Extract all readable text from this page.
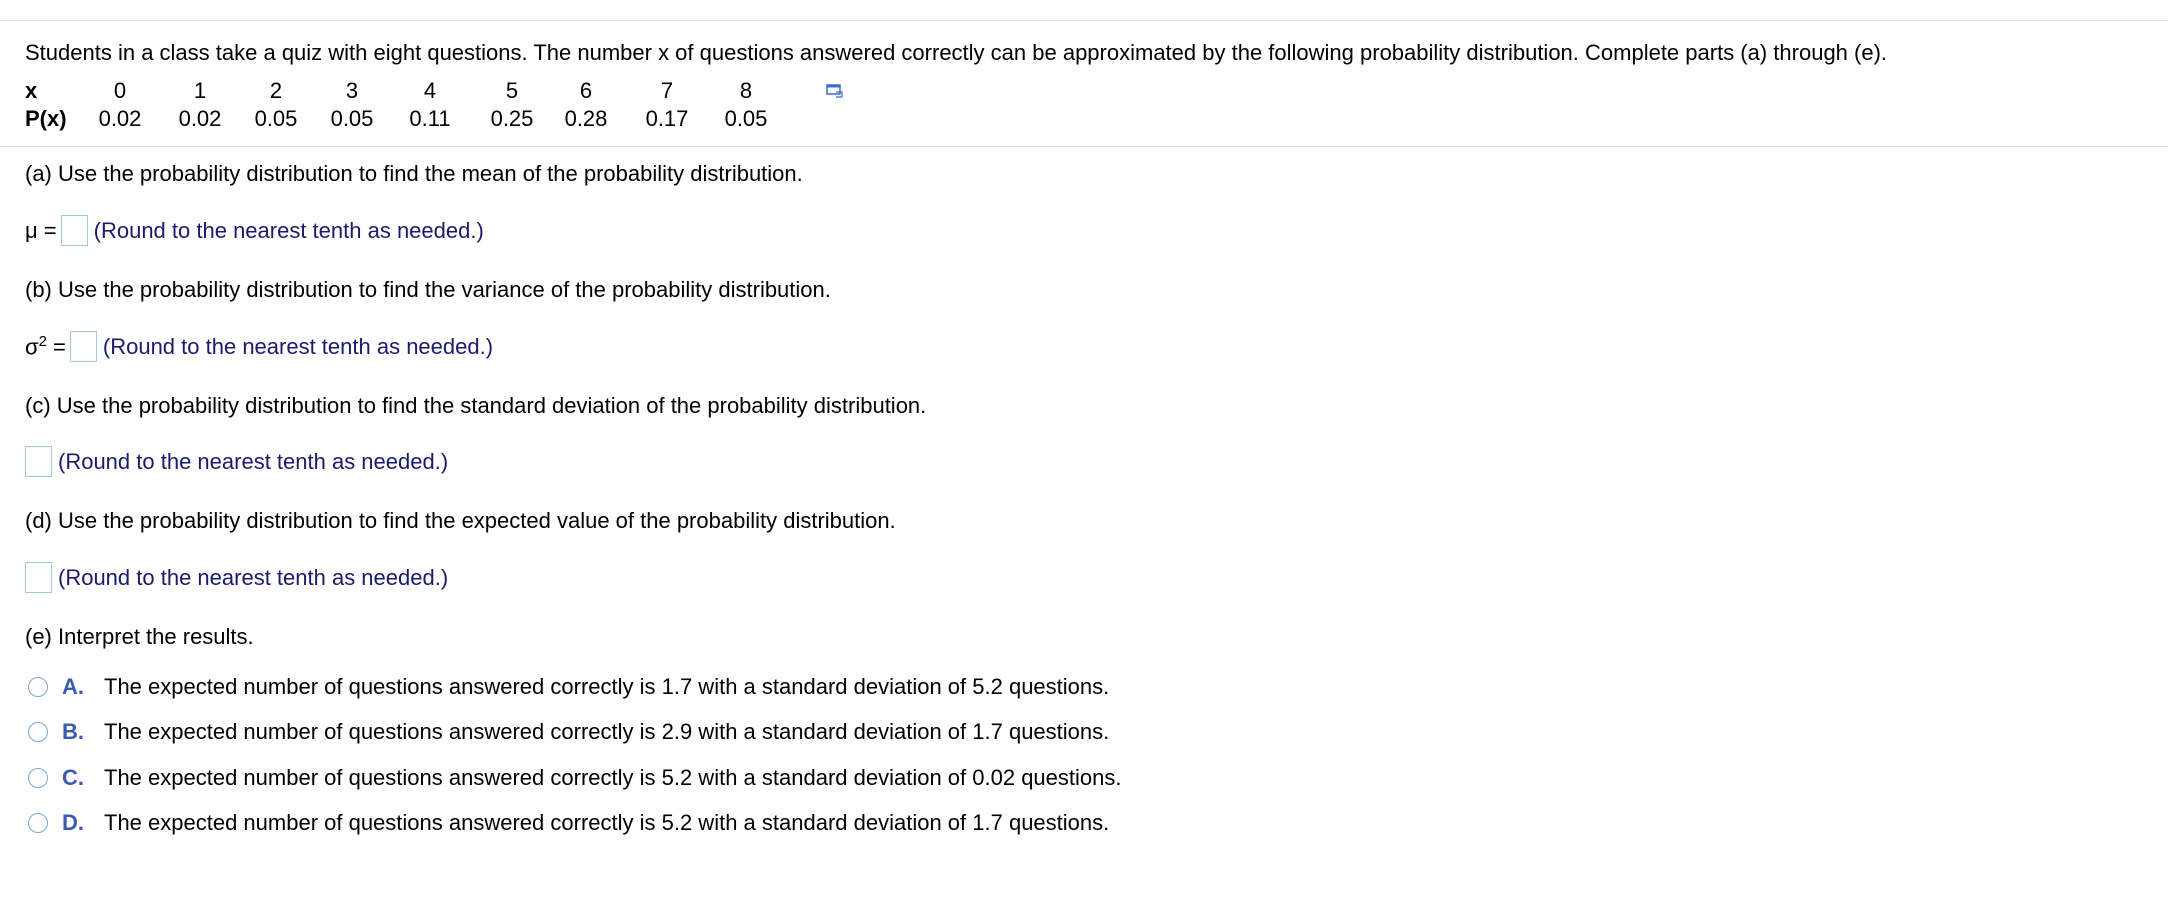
Students in a class take a quiz with eight questions. The number x of questions answered correctly can be approximated by the following probability distribution. Complete parts (a) through (e).
x	0	1	2	3	4	5	6	7	8
P(x)	0.02	0.02	0.05	0.05	0.11	0.25	0.28	0.17	0.05
(a) Use the probability distribution to find the mean of the probability distribution.
μ = (Round to the nearest tenth as needed.)
(b) Use the probability distribution to find the variance of the probability distribution.
$\sigma^2$ = (Round to the nearest tenth as needed.)
(c) Use the probability distribution to find the standard deviation of the probability distribution.
(Round to the nearest tenth as needed.)
(d) Use the probability distribution to find the expected value of the probability distribution.
(Round to the nearest tenth as needed.)
(e) Interpret the results.
A. The expected number of questions answered correctly is 1.7 with a standard deviation of 5.2 questions.
B. The expected number of questions answered correctly is 2.9 with a standard deviation of 1.7 questions.
C. The expected number of questions answered correctly is 5.2 with a standard deviation of 0.02 questions.
D. The expected number of questions answered correctly is 5.2 with a standard deviation of 1.7 questions.
